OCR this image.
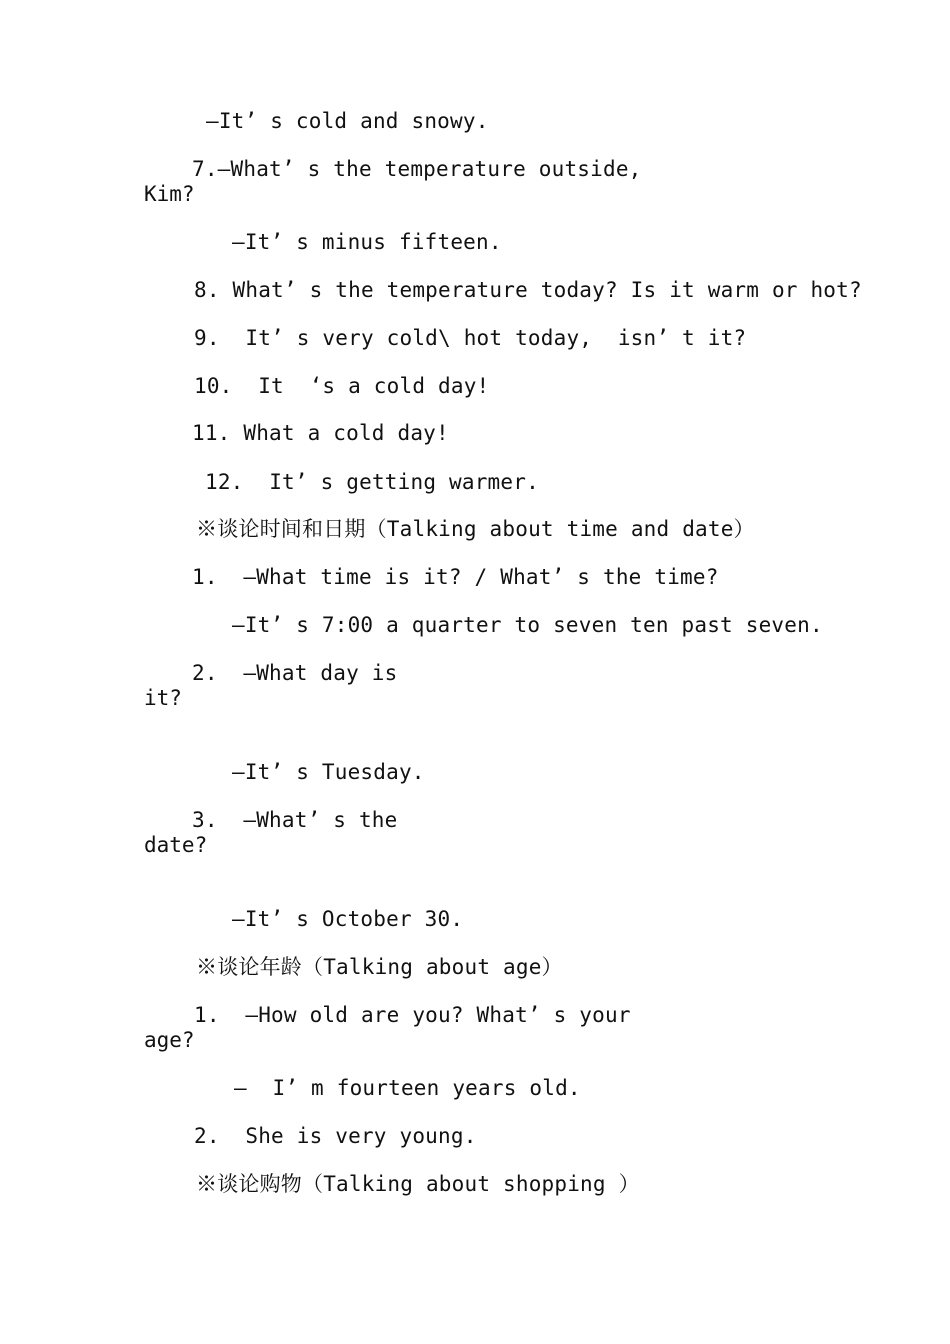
—It’ s cold and snowy.
7.—What’ s the temperature outside,
Kim?
—It’ s minus fifteen.
8. What’ s the temperature today? Is it warm or hot?
9.  It’ s very cold\ hot today,  isn’ t it?
10.  It  ‘s a cold day!
11. What a cold day!
12.  It’ s getting warmer.
※谈论时间和日期（Talking about time and date）
1.  —What time is it? / What’ s the time?
—It’ s 7:00 a quarter to seven ten past seven.
2.  —What day is
it?
—It’ s Tuesday.
3.  —What’ s the
date?
—It’ s October 30.
※谈论年龄（Talking about age）
1.  —How old are you? What’ s your
age?
—  I’ m fourteen years old.
2.  She is very young.
※谈论购物（Talking about shopping ）
